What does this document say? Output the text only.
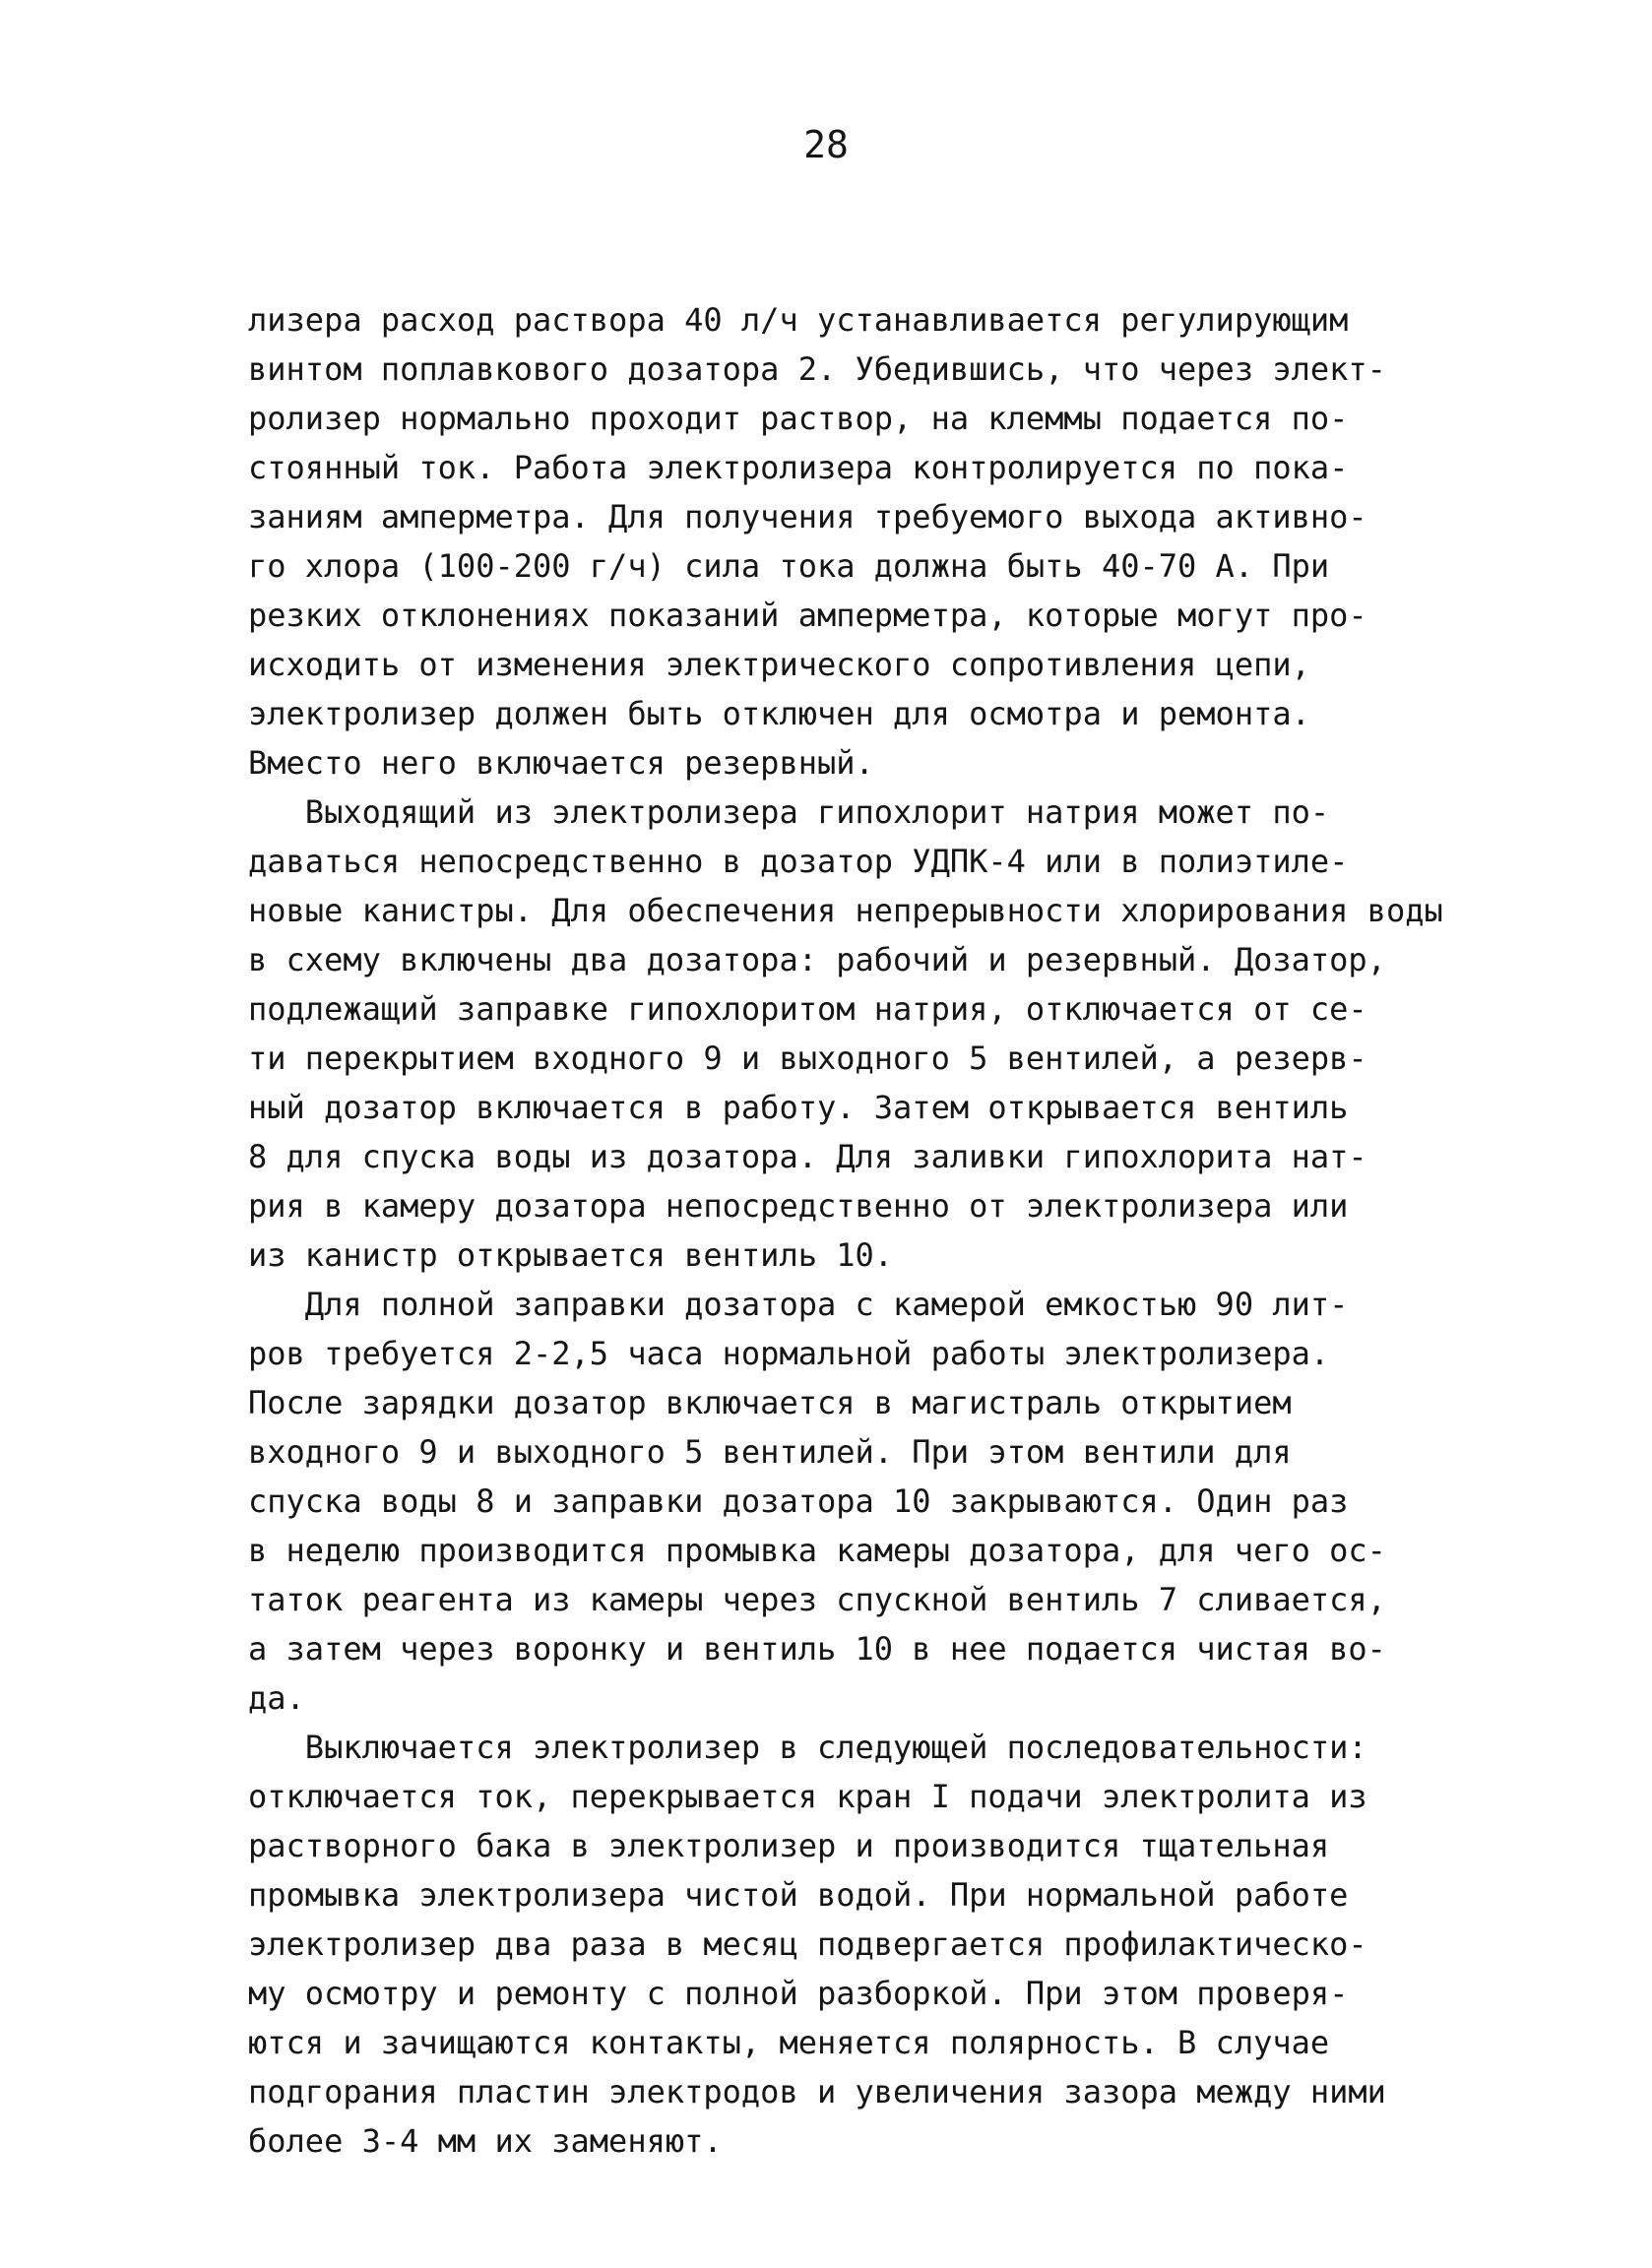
28
лизера расход раствора 40 л/ч устанавливается регулирующим
винтом поплавкового дозатора 2. Убедившись, что через элект-
ролизер нормально проходит раствор, на клеммы подается по-
стоянный ток. Работа электролизера контролируется по пока-
заниям амперметра. Для получения требуемого выхода активно-
го хлора (100-200 г/ч) сила тока должна быть 40-70 А. При
резких отклонениях показаний амперметра, которые могут про-
исходить от изменения электрического сопротивления цепи,
электролизер должен быть отключен для осмотра и ремонта.
Вместо него включается резервный.
Выходящий из электролизера гипохлорит натрия может по-
даваться непосредственно в дозатор УДПК-4 или в полиэтиле-
новые канистры. Для обеспечения непрерывности хлорирования воды
в схему включены два дозатора: рабочий и резервный. Дозатор,
подлежащий заправке гипохлоритом натрия, отключается от се-
ти перекрытием входного 9 и выходного 5 вентилей, а резерв-
ный дозатор включается в работу. Затем открывается вентиль
8 для спуска воды из дозатора. Для заливки гипохлорита нат-
рия в камеру дозатора непосредственно от электролизера или
из канистр открывается вентиль 10.
Для полной заправки дозатора с камерой емкостью 90 лит-
ров требуется 2-2,5 часа нормальной работы электролизера.
После зарядки дозатор включается в магистраль открытием
входного 9 и выходного 5 вентилей. При этом вентили для
спуска воды 8 и заправки дозатора 10 закрываются. Один раз
в неделю производится промывка камеры дозатора, для чего ос-
таток реагента из камеры через спускной вентиль 7 сливается,
а затем через воронку и вентиль 10 в нее подается чистая во-
да.
Выключается электролизер в следующей последовательности:
отключается ток, перекрывается кран I подачи электролита из
растворного бака в электролизер и производится тщательная
промывка электролизера чистой водой. При нормальной работе
электролизер два раза в месяц подвергается профилактическо-
му осмотру и ремонту с полной разборкой. При этом проверя-
ются и зачищаются контакты, меняется полярность. В случае
подгорания пластин электродов и увеличения зазора между ними
более 3-4 мм их заменяют.
